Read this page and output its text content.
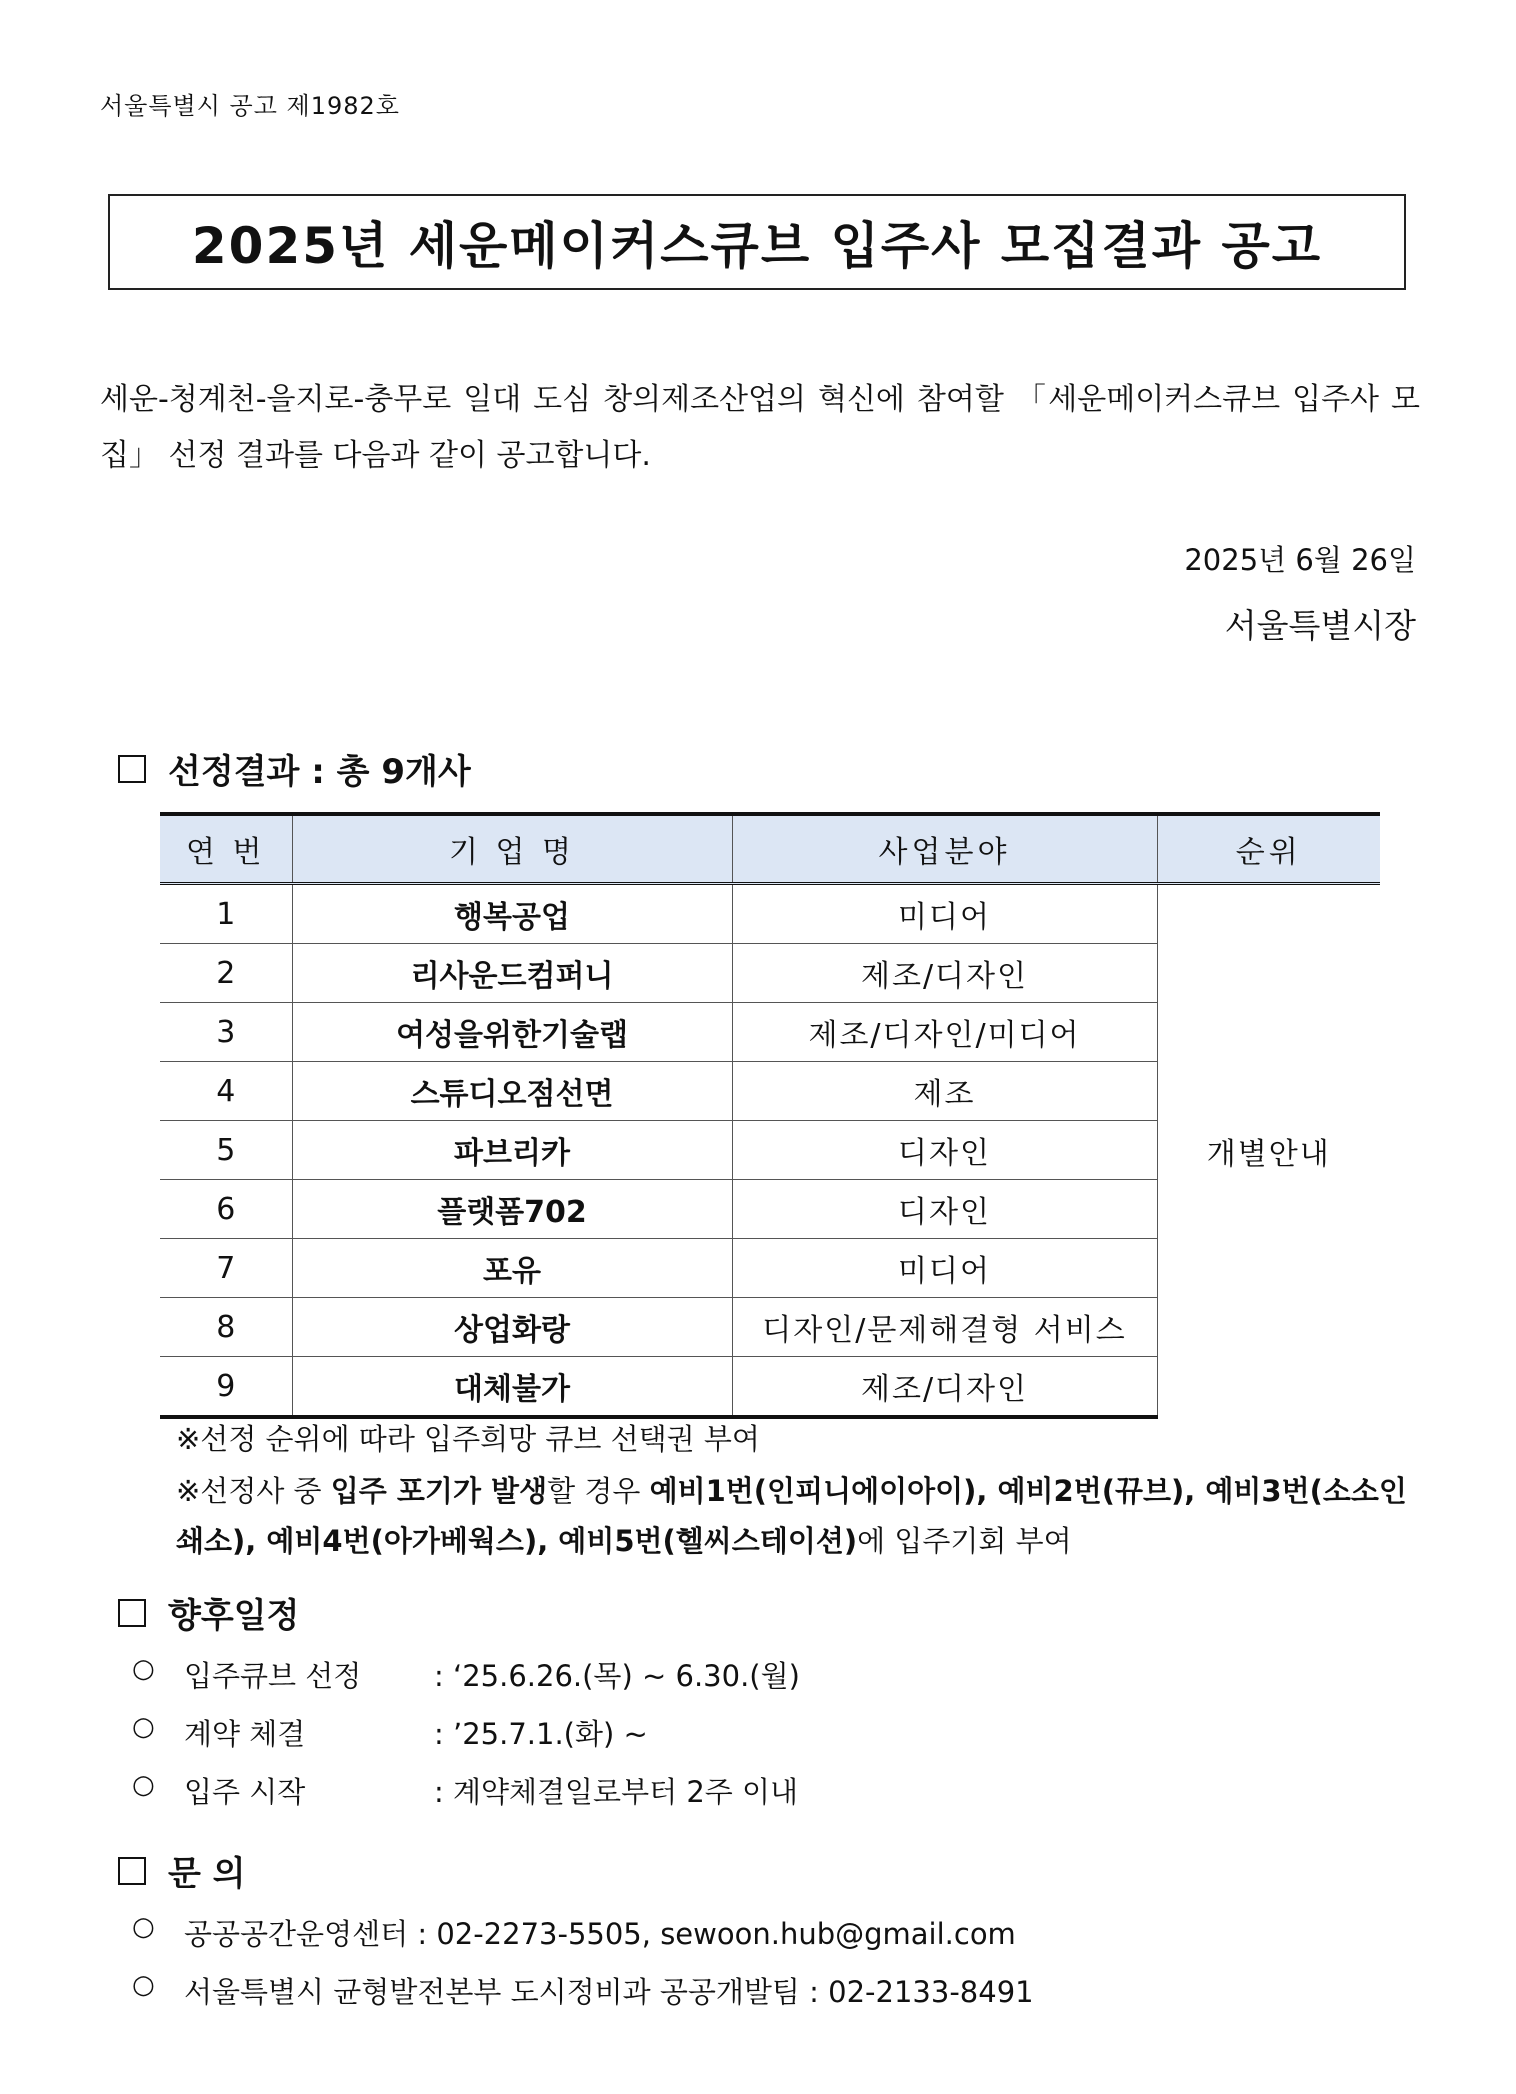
서울특별시 공고 제1982호
2025년 세운메이커스큐브 입주사 모집결과 공고
세운-청계천-을지로-충무로 일대 도심 창의제조산업의 혁신에 참여할 「세운메이커스큐브 입주사 모집」 선정 결과를 다음과 같이 공고합니다.
2025년 6월 26일
서울특별시장
선정결과 : 총 9개사
연 번	기 업 명	사업분야	순위
1	행복공업	미디어	개별안내
2	리사운드컴퍼니	제조/디자인	
3	여성을위한기술랩	제조/디자인/미디어	
4	스튜디오점선면	제조	
5	파브리카	디자인	
6	플랫폼702	디자인	
7	포유	미디어	
8	상업화랑	디자인/문제해결형 서비스	
9	대체불가	제조/디자인	
※선정 순위에 따라 입주희망 큐브 선택권 부여
※선정사 중 입주 포기가 발생할 경우 예비1번(인피니에이아이), 예비2번(뀨브), 예비3번(소소인쇄소), 예비4번(아가베웍스), 예비5번(헬씨스테이션)에 입주기회 부여
향후일정
○	입주큐브 선정	: ‘25.6.26.(목) ~ 6.30.(월)
○	계약 체결	: ’25.7.1.(화) ~
○	입주 시작	: 계약체결일로부터 2주 이내
문 의
○	공공공간운영센터 : 02-2273-5505, sewoon.hub@gmail.com
○	서울특별시 균형발전본부 도시정비과 공공개발팀 : 02-2133-8491
